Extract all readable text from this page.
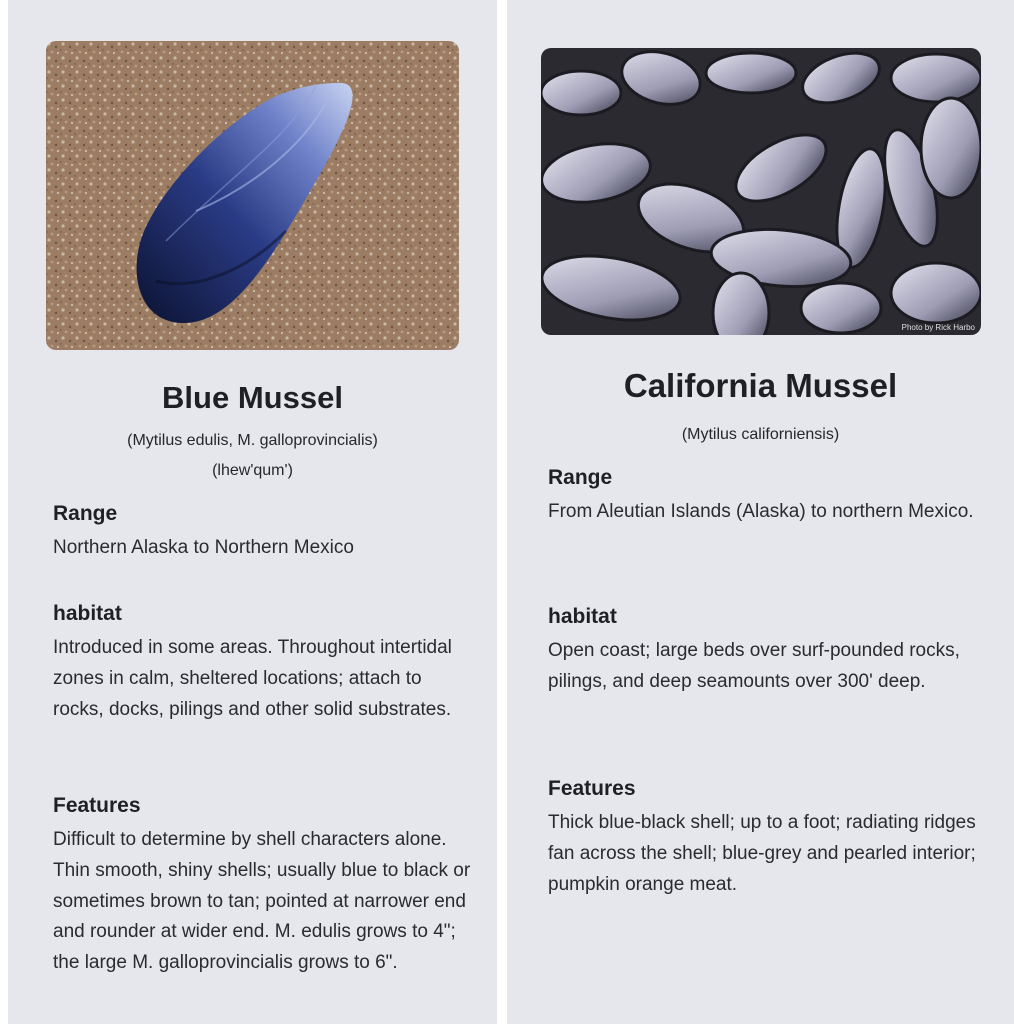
Blue Mussel
(Mytilus edulis, M. galloprovincialis)
(lhew'qum')
Range
Northern Alaska to Northern Mexico
habitat
Introduced in some areas. Throughout intertidal zones in calm, sheltered locations; attach to rocks, docks, pilings and other solid substrates.
Features
Difficult to determine by shell characters alone. Thin smooth, shiny shells; usually blue to black or sometimes brown to tan; pointed at narrower end and rounder at wider end. M. edulis grows to 4"; the large M. galloprovincialis grows to 6".
Photo by Rick Harbo
California Mussel
(Mytilus californiensis)
Range
From Aleutian Islands (Alaska) to northern Mexico.
habitat
Open coast; large beds over surf-pounded rocks, pilings, and deep seamounts over 300' deep.
Features
Thick blue-black shell; up to a foot; radiating ridges fan across the shell; blue-grey and pearled interior; pumpkin orange meat.
